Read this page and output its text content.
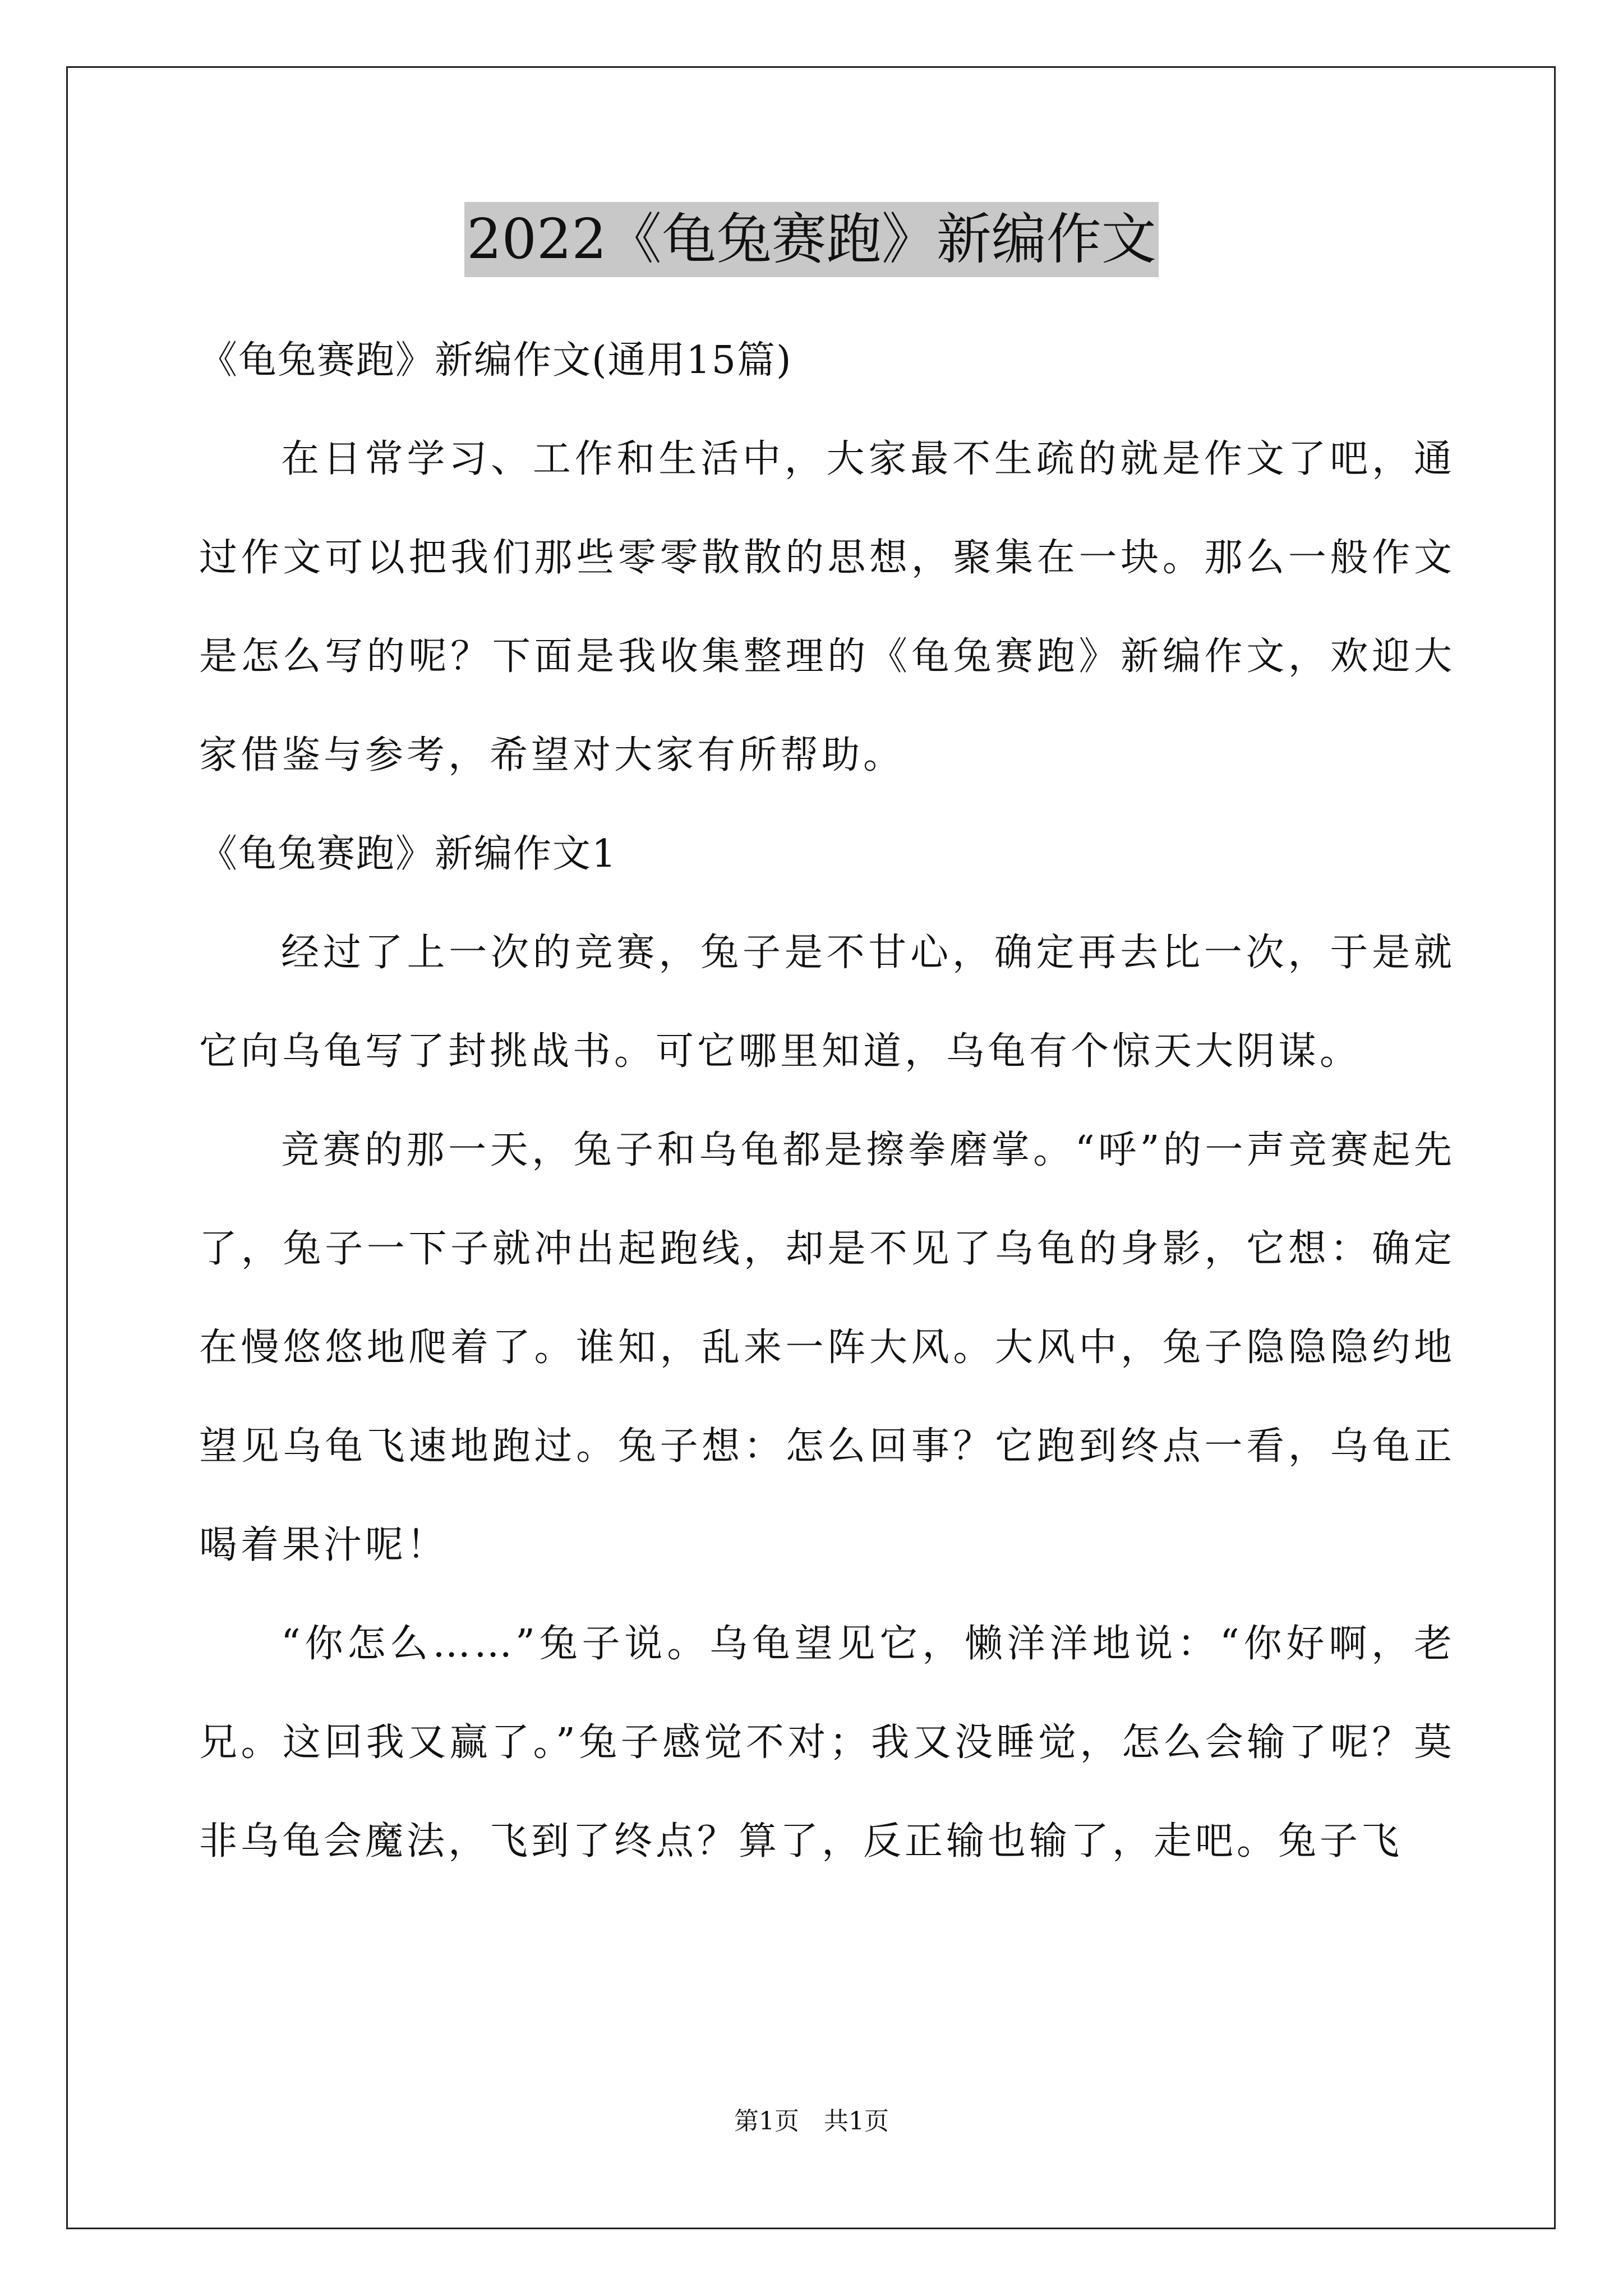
2022《龟兔赛跑》新编作文

《龟兔赛跑》新编作文(通用15篇)

在日常学习、工作和生活中，大家最不生疏的就是作文了吧，通过作文可以把我们那些零零散散的思想，聚集在一块。那么一般作文是怎么写的呢？下面是我收集整理的《龟兔赛跑》新编作文，欢迎大家借鉴与参考，希望对大家有所帮助。

《龟兔赛跑》新编作文1

经过了上一次的竞赛，兔子是不甘心，确定再去比一次，于是就它向乌龟写了封挑战书。可它哪里知道，乌龟有个惊天大阴谋。

竞赛的那一天，兔子和乌龟都是擦拳磨掌。“呼”的一声竞赛起先了，兔子一下子就冲出起跑线，却是不见了乌龟的身影，它想：确定在慢悠悠地爬着了。谁知，乱来一阵大风。大风中，兔子隐隐隐约地望见乌龟飞速地跑过。兔子想：怎么回事？它跑到终点一看，乌龟正喝着果汁呢！

“你怎么……”兔子说。乌龟望见它，懒洋洋地说：“你好啊，老兄。这回我又赢了。”兔子感觉不对；我又没睡觉，怎么会输了呢？莫非乌龟会魔法，飞到了终点？算了，反正输也输了，走吧。兔子飞

第1页　共1页
